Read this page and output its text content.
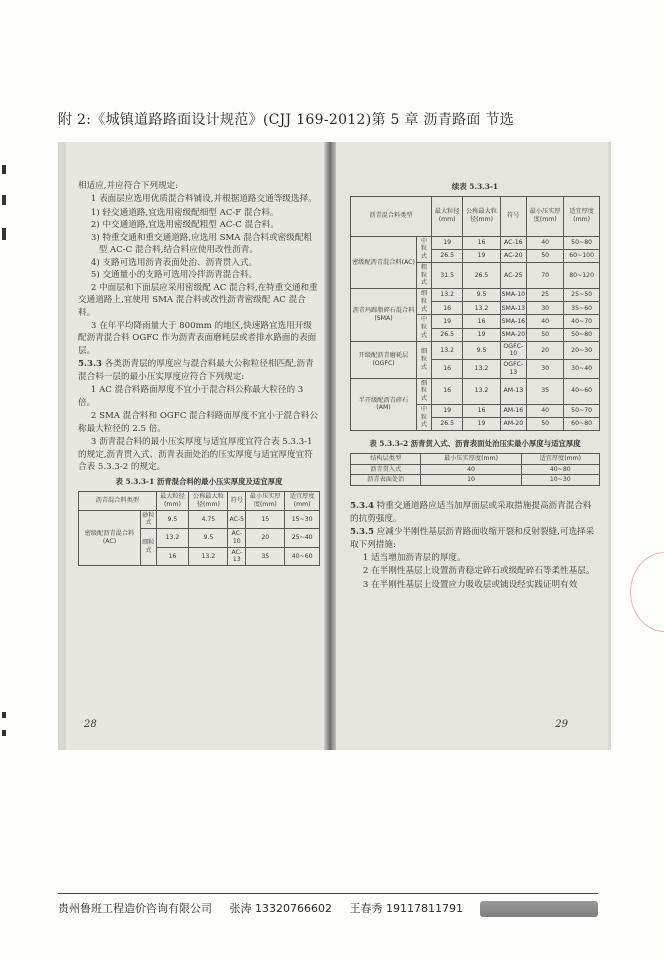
附 2:《城镇道路路面设计规范》(CJJ 169-2012)第 5 章 沥青路面 节选

相适应,并应符合下列规定:

1 表面层应选用优质混合料铺设,并根据道路交通等级选择。

1) 轻交通道路,宜选用密级配细型 AC-F 混合料。

2) 中交通道路,宜选用密级配粗型 AC-C 混合料。

3) 特重交通和重交通道路,应选用 SMA 混合料或密级配粗型 AC-C 混合料,结合料应使用改性沥青。

4) 支路可选用沥青表面处治、沥青贯入式。

5) 交通量小的支路可选用冷拌沥青混合料。

2 中面层和下面层应采用密级配 AC 混合料,在特重交通和重交通道路上,宜使用 SMA 混合料或改性沥青密级配 AC 混合料。

3 在年平均降雨量大于 800mm 的地区,快速路宜选用开级配沥青混合料 OGFC 作为沥青表面磨耗层或者排水路面的表面层。

5.3.3 各类沥青层的厚度应与混合料最大公称粒径相匹配,沥青混合料一层的最小压实厚度应符合下列规定:

1 AC 混合料路面厚度不宜小于混合料公称最大粒径的 3 倍。

2 SMA 混合料和 OGFC 混合料路面厚度不宜小于混合料公称最大粒径的 2.5 倍。

3 沥青混合料的最小压实厚度与适宜厚度宜符合表 5.3.3-1 的规定,沥青贯入式、沥青表面处治的压实厚度与适宜厚度宜符合表 5.3.3-2 的规定。

表 5.3.3-1 沥青混合料的最小压实厚度及适宜厚度
沥青混合料类型		最大粒径(mm)	公称最大粒径(mm)	符号	最小压实厚度(mm)	适宜厚度(mm)
密级配沥青混合料(AC)	砂粒式	9.5	4.75	AC-5	15	15~30
	细粒式	13.2	9.5	AC-10	20	25~40
		16	13.2	AC-13	35	40~60
28
续表 5.3.3-1
沥青混合料类型		最大粒径(mm)	公称最大粒径(mm)	符号	最小压实厚度(mm)	适宜厚度(mm)
密级配沥青混合料(AC)	中粒式	19	16	AC-16	40	50~80
		26.5	19	AC-20	50	60~100
	粗粒式	31.5	26.5	AC-25	70	80~120
沥青玛蹄脂碎石混合料(SMA)	细粒式	13.2	9.5	SMA-10	25	25~50
		16	13.2	SMA-13	30	35~60
	中粒式	19	16	SMA-16	40	40~70
		26.5	19	SMA-20	50	50~80
开级配沥青磨耗层(OGFC)	细粒式	13.2	9.5	OGFC-10	20	20~30
		16	13.2	OGFC-13	30	30~40
半开级配沥青碎石(AM)	细粒式	16	13.2	AM-13	35	40~60
	中粒式	19	16	AM-16	40	50~70
		26.5	19	AM-20	50	60~80
表 5.3.3-2 沥青贯入式、沥青表面处治压实最小厚度与适宜厚度
结构层类型	最小压实厚度(mm)	适宜厚度(mm)
沥青贯入式	40	40~80
沥青表面处治	10	10~30

5.3.4 特重交通道路应适当加厚面层或采取措施提高沥青混合料的抗剪强度。

5.3.5 应减少半刚性基层沥青路面收缩开裂和反射裂缝,可选择采取下列措施:

1 适当增加沥青层的厚度。

2 在半刚性基层上设置沥青稳定碎石或级配碎石等柔性基层。

3 在半刚性基层上设置应力吸收层或铺设经实践证明有效

29
贵州鲁班工程造价咨询有限公司 张涛 13320766602 王春秀 19117811791
